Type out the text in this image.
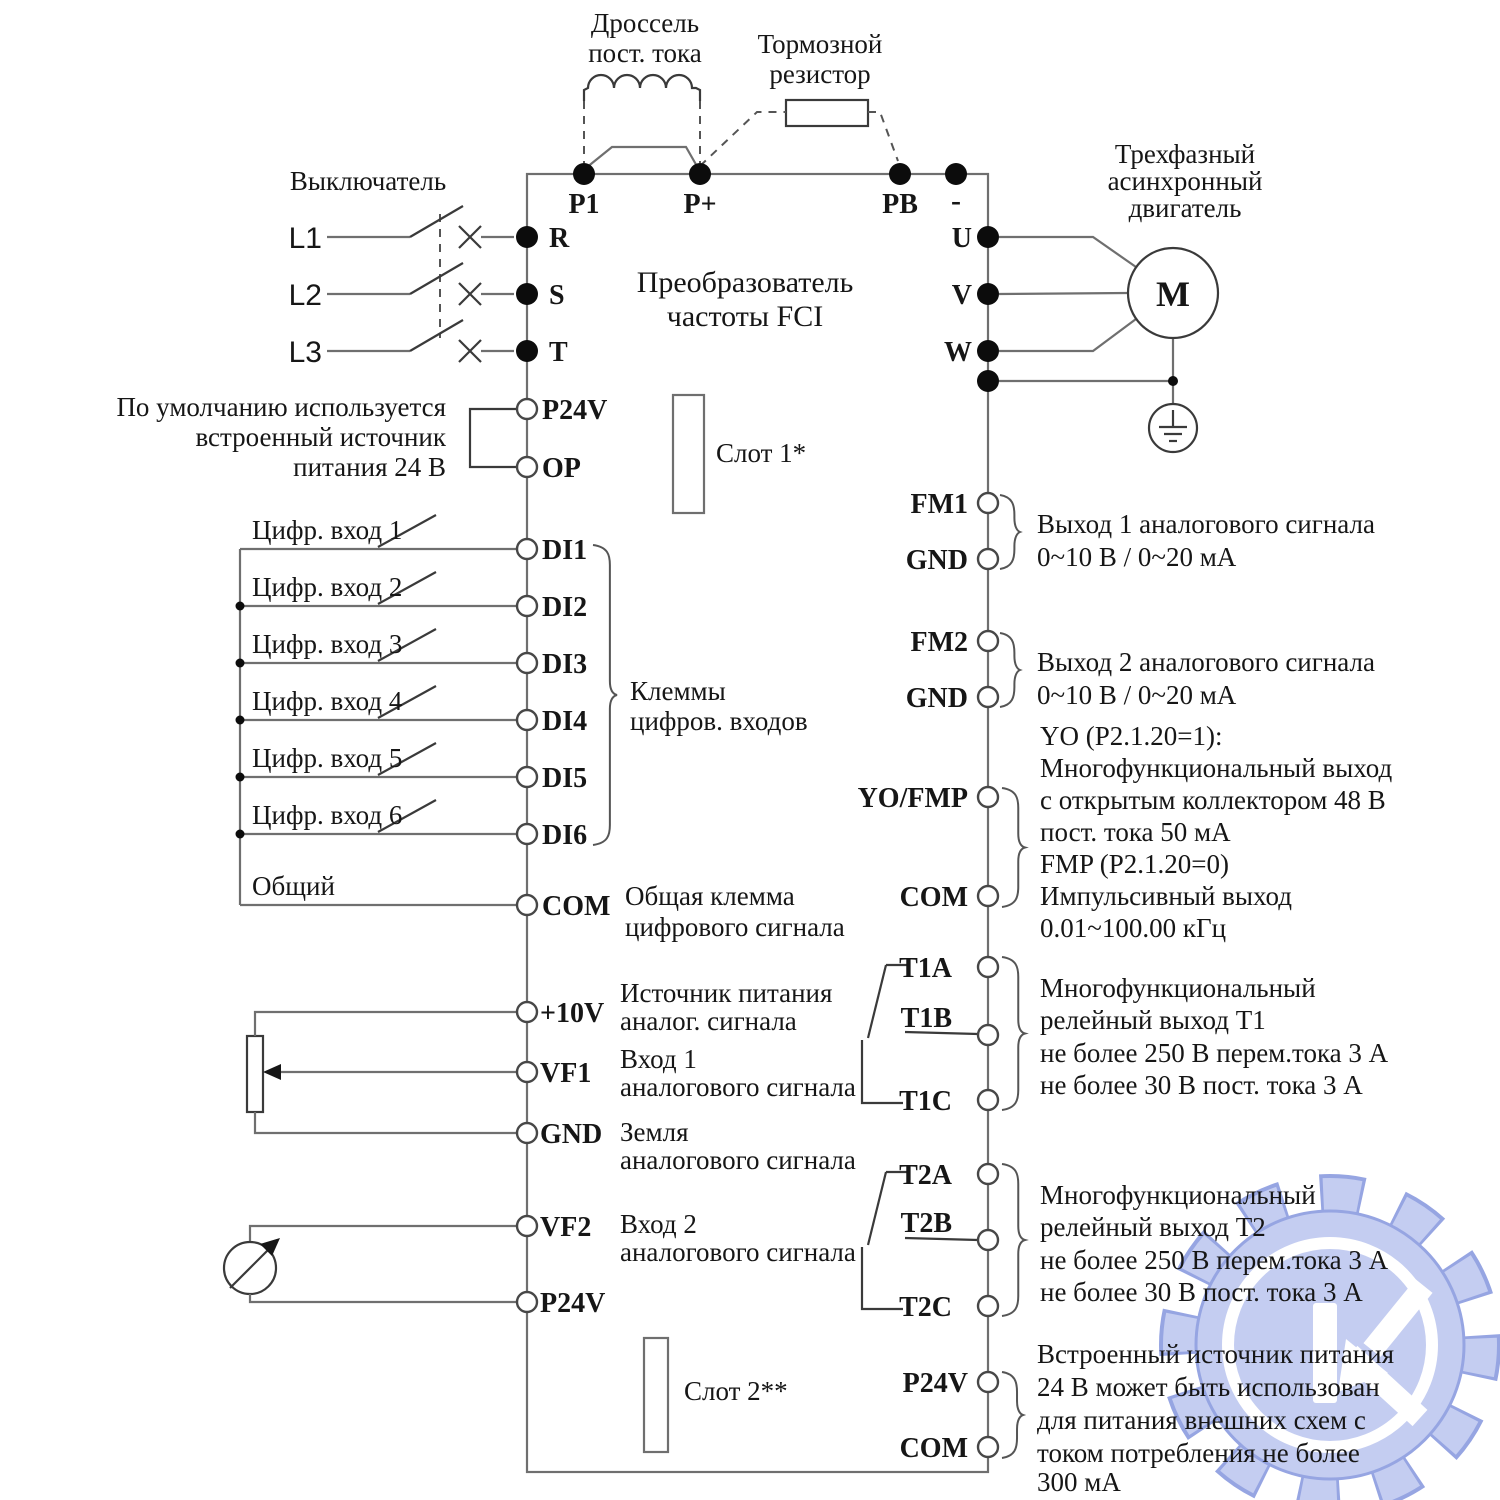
Преобразователь
частоты FCI
Дроссель
пост. тока Тормозной
резистор
P1	P+	PB -
Выключатель
L1
L2
L3
R
S
T
Трехфазный
асинхронный
двигатель
U
V
W
M
P24V
OP
По умолчанию используется
встроенный источник
питания 24 В	Слот 1*
Слот 2**
Цифр. вход 1
Цифр. вход 2
Цифр. вход 3
Цифр. вход 4
Цифр. вход 5
Цифр. вход 6
Общий
DI1
DI2
DI3
DI4
DI5
DI6
COM
Клеммы
цифров. входов
Общая клемма
цифрового сигнала
+10V
VF1
GND
Источник питания
аналог. сигнала
Вход 1
аналогового сигнала
Земля
аналогового сигнала
VF2
P24V
Вход 2
аналогового сигнала
FM1
GND
Выход 1 аналогового сигнала
0~10 В / 0~20 мА
FM2
GND
Выход 2 аналогового сигнала
0~10 В / 0~20 мА
YO/FMP
COM
YO (P2.1.20=1):
Многофункциональный выход
с открытым коллектором 48 В
пост. тока 50 мА
FMP (P2.1.20=0)
Импульсивный выход
0.01~100.00 кГц
T1A
T1B
T1C
Многофункциональный
релейный выход T1
не более 250 В перем.тока 3 А
не более 30 В пост. тока 3 А
T2A
T2B
T2C
Многофункциональный
релейный выход T2
не более 250 В перем.тока 3 А
не более 30 В пост. тока 3 А
P24V
COM
Встроенный источник питания
24 В может быть использован
для питания внешних схем с
током потребления не более
300 мА
